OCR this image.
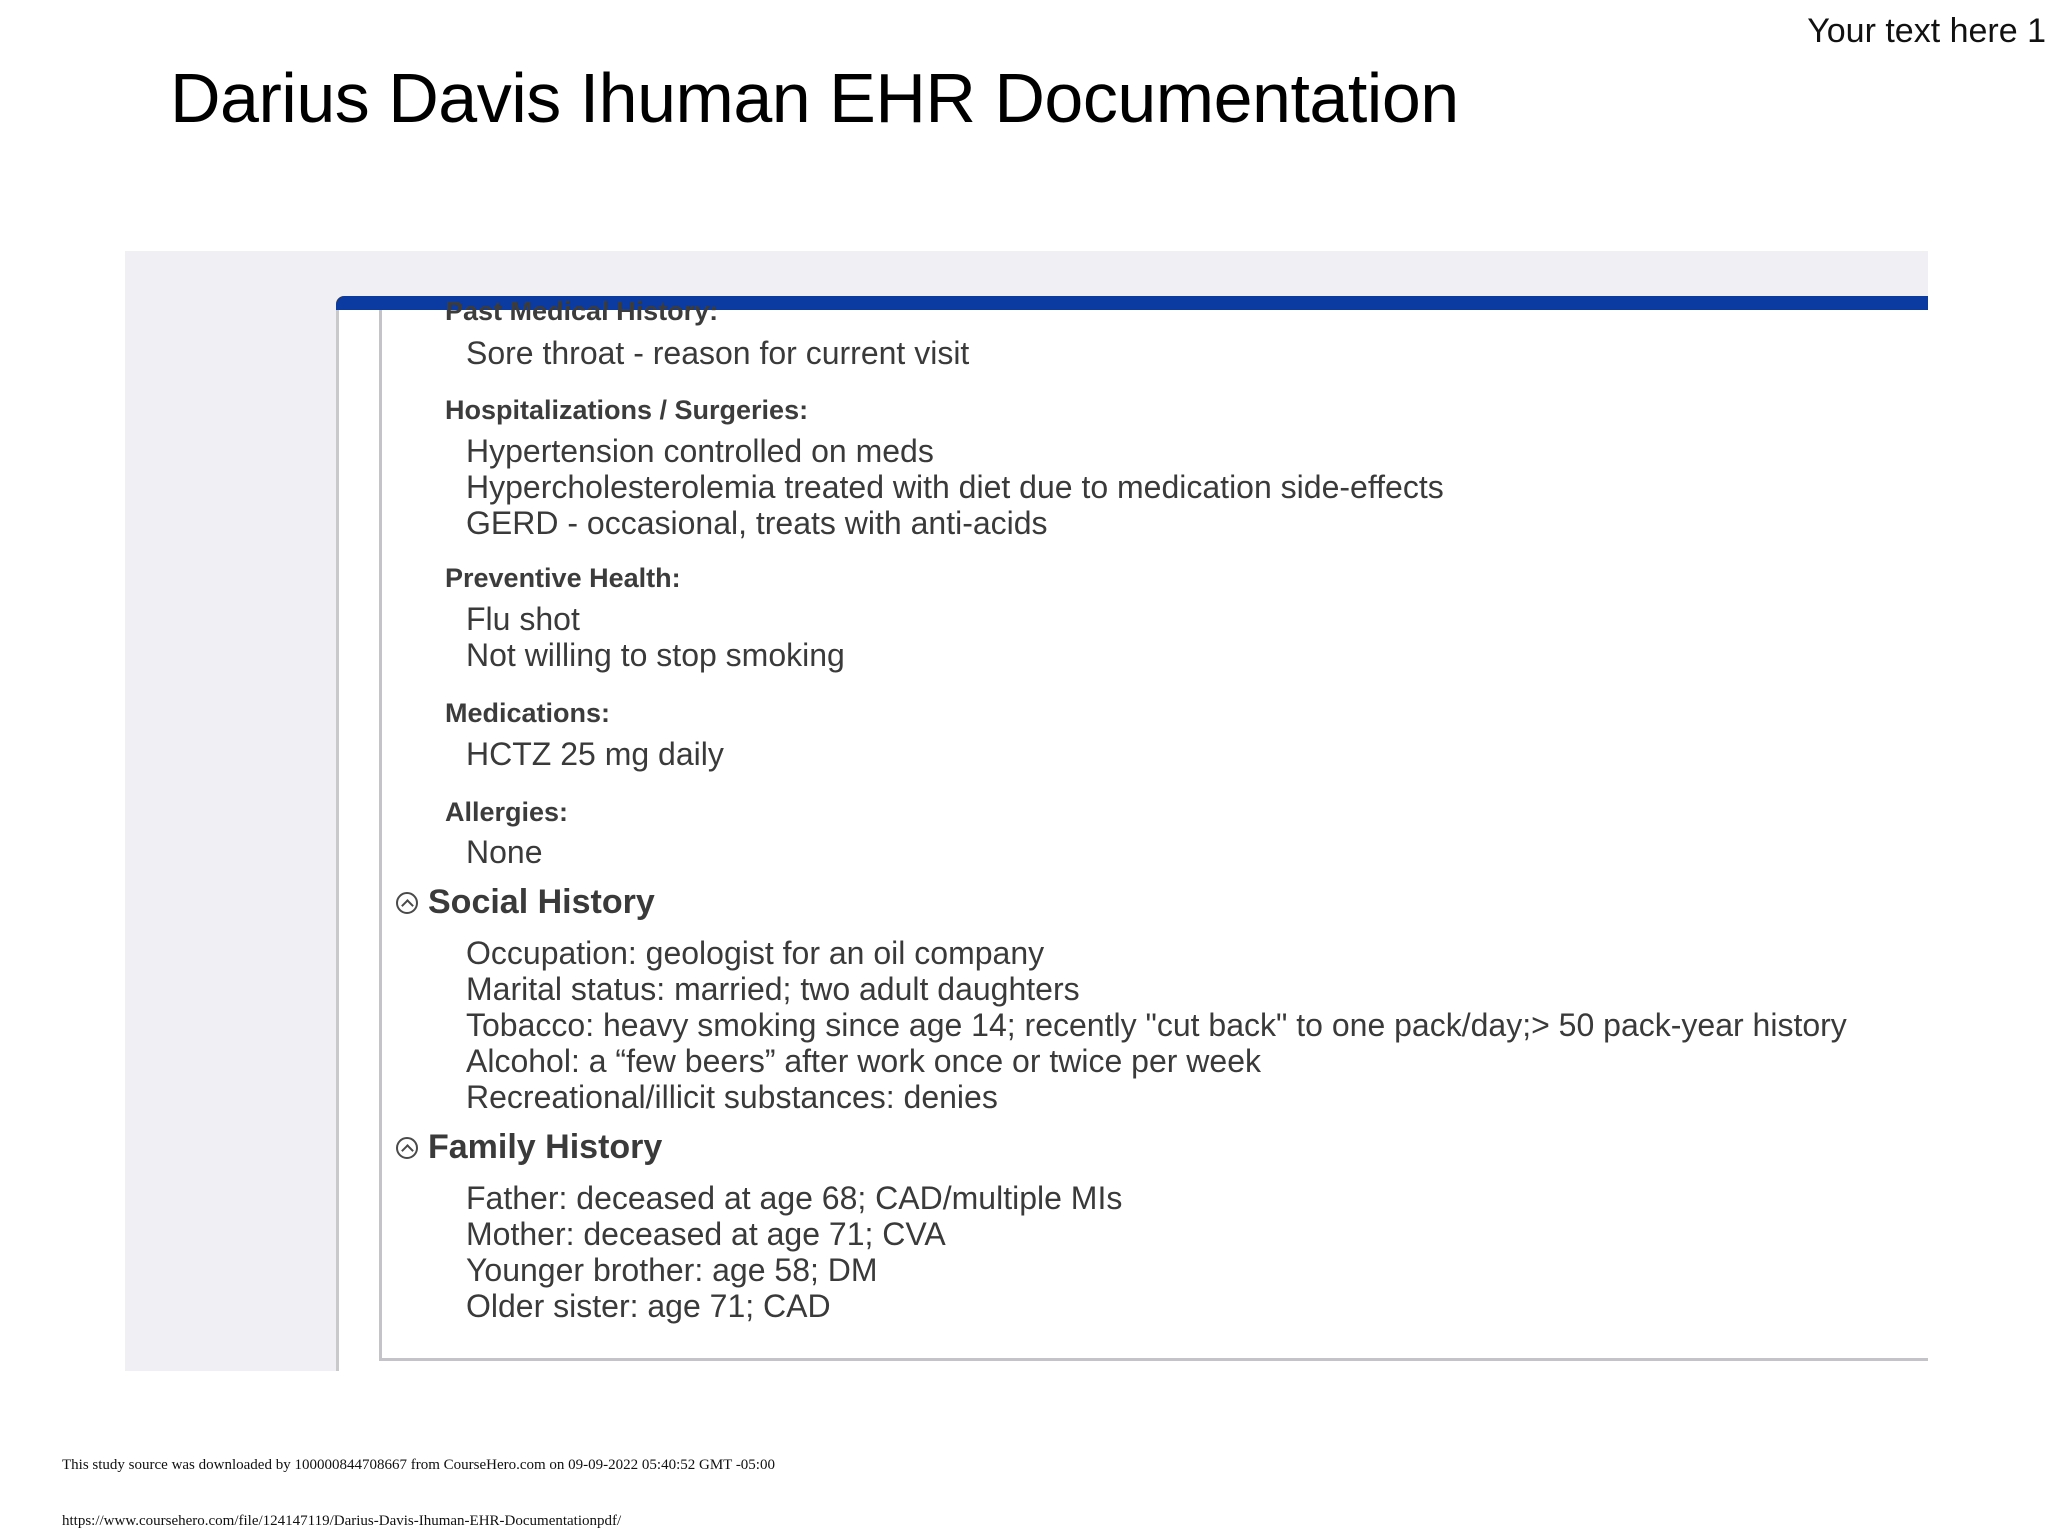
Your text here 1
Darius Davis Ihuman EHR Documentation
Past Medical History:
Sore throat - reason for current visit
Hospitalizations / Surgeries:
Hypertension controlled on meds
Hypercholesterolemia treated with diet due to medication side-effects
GERD - occasional, treats with anti-acids
Preventive Health:
Flu shot
Not willing to stop smoking
Medications:
HCTZ 25 mg daily
Allergies:
None
Social History
Occupation: geologist for an oil company
Marital status: married; two adult daughters
Tobacco: heavy smoking since age 14; recently "cut back" to one pack/day;> 50 pack-year history
Alcohol: a “few beers” after work once or twice per week
Recreational/illicit substances: denies
Family History
Father: deceased at age 68; CAD/multiple MIs
Mother: deceased at age 71; CVA
Younger brother: age 58; DM
Older sister: age 71; CAD
This study source was downloaded by 100000844708667 from CourseHero.com on 09-09-2022 05:40:52 GMT -05:00
https://www.coursehero.com/file/124147119/Darius-Davis-Ihuman-EHR-Documentationpdf/
